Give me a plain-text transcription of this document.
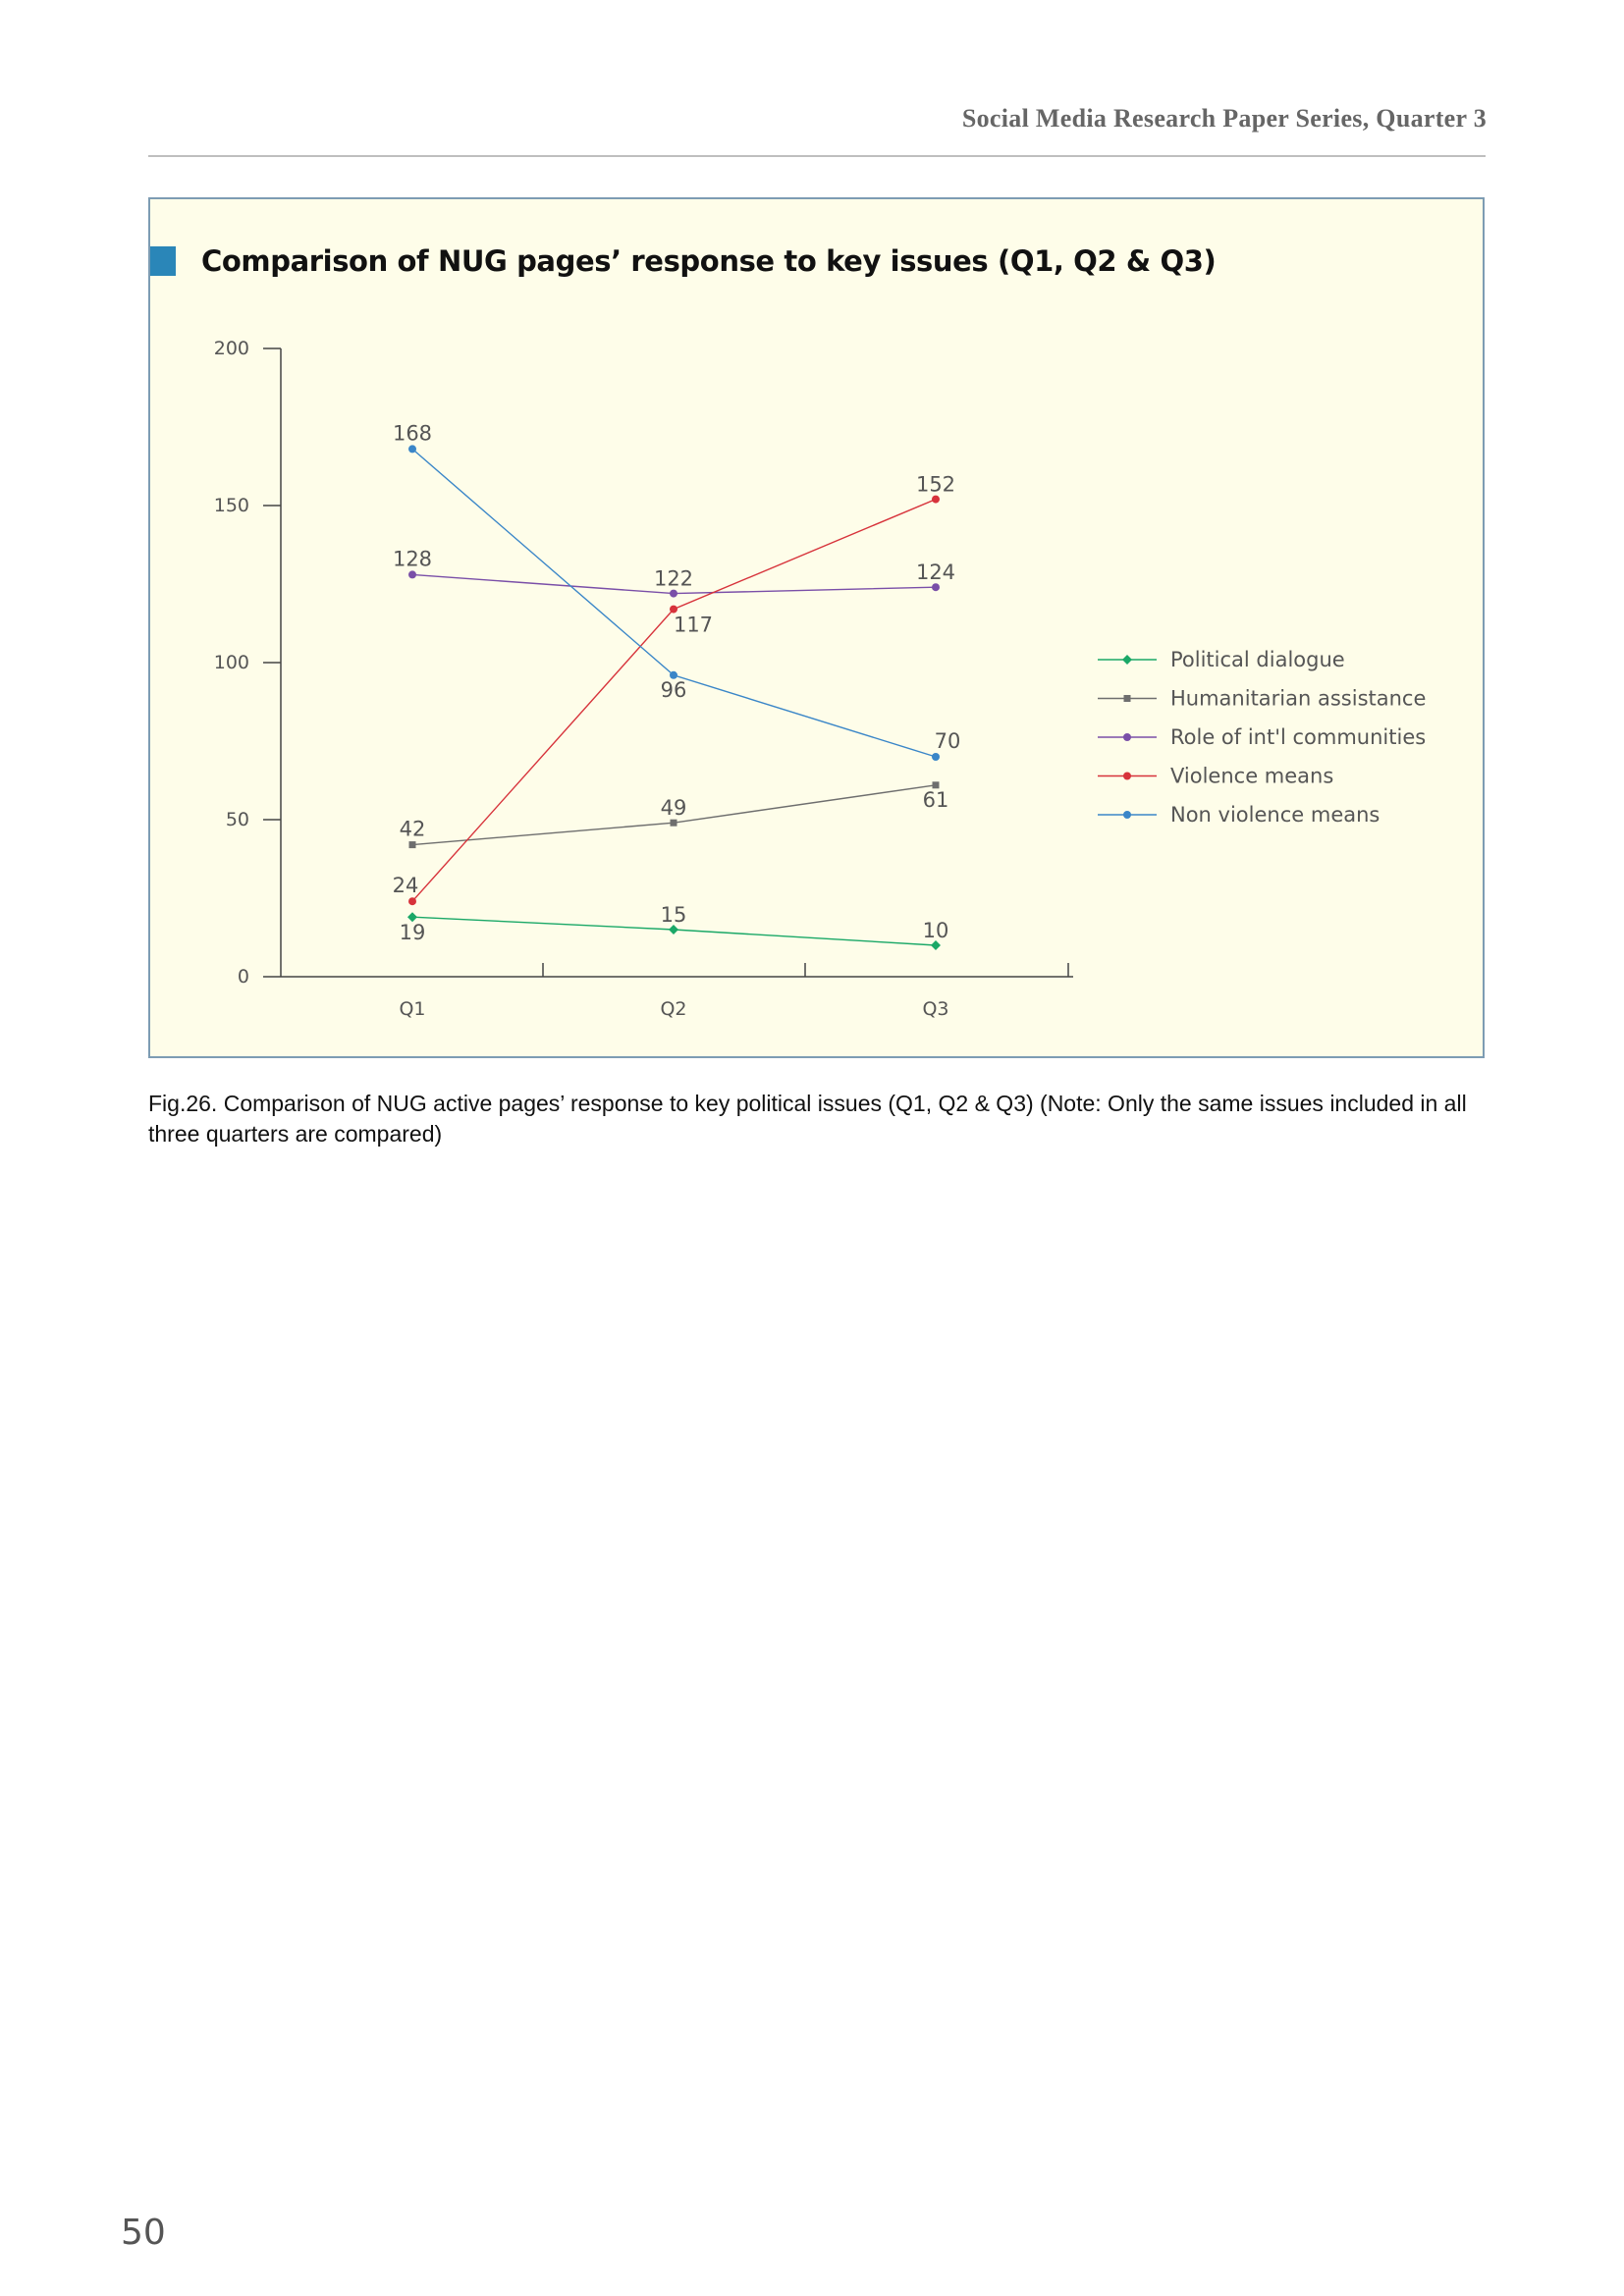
Social Media Research Paper Series, Quarter 3
Comparison of NUG pages’ response to key issues (Q1, Q2 & Q3)
0
50
100
150
200
Q1	Q2	Q3
19
15
10
42
49	61
128
122	124
24
117
152
168
96
70
Political dialogue
Humanitarian assistance
Role of int'l communities
Violence means
Non violence means
Fig.26. Comparison of NUG active pages’ response to key political issues (Q1, Q2 & Q3) (Note: Only the same issues included in all three quarters are compared)
50
